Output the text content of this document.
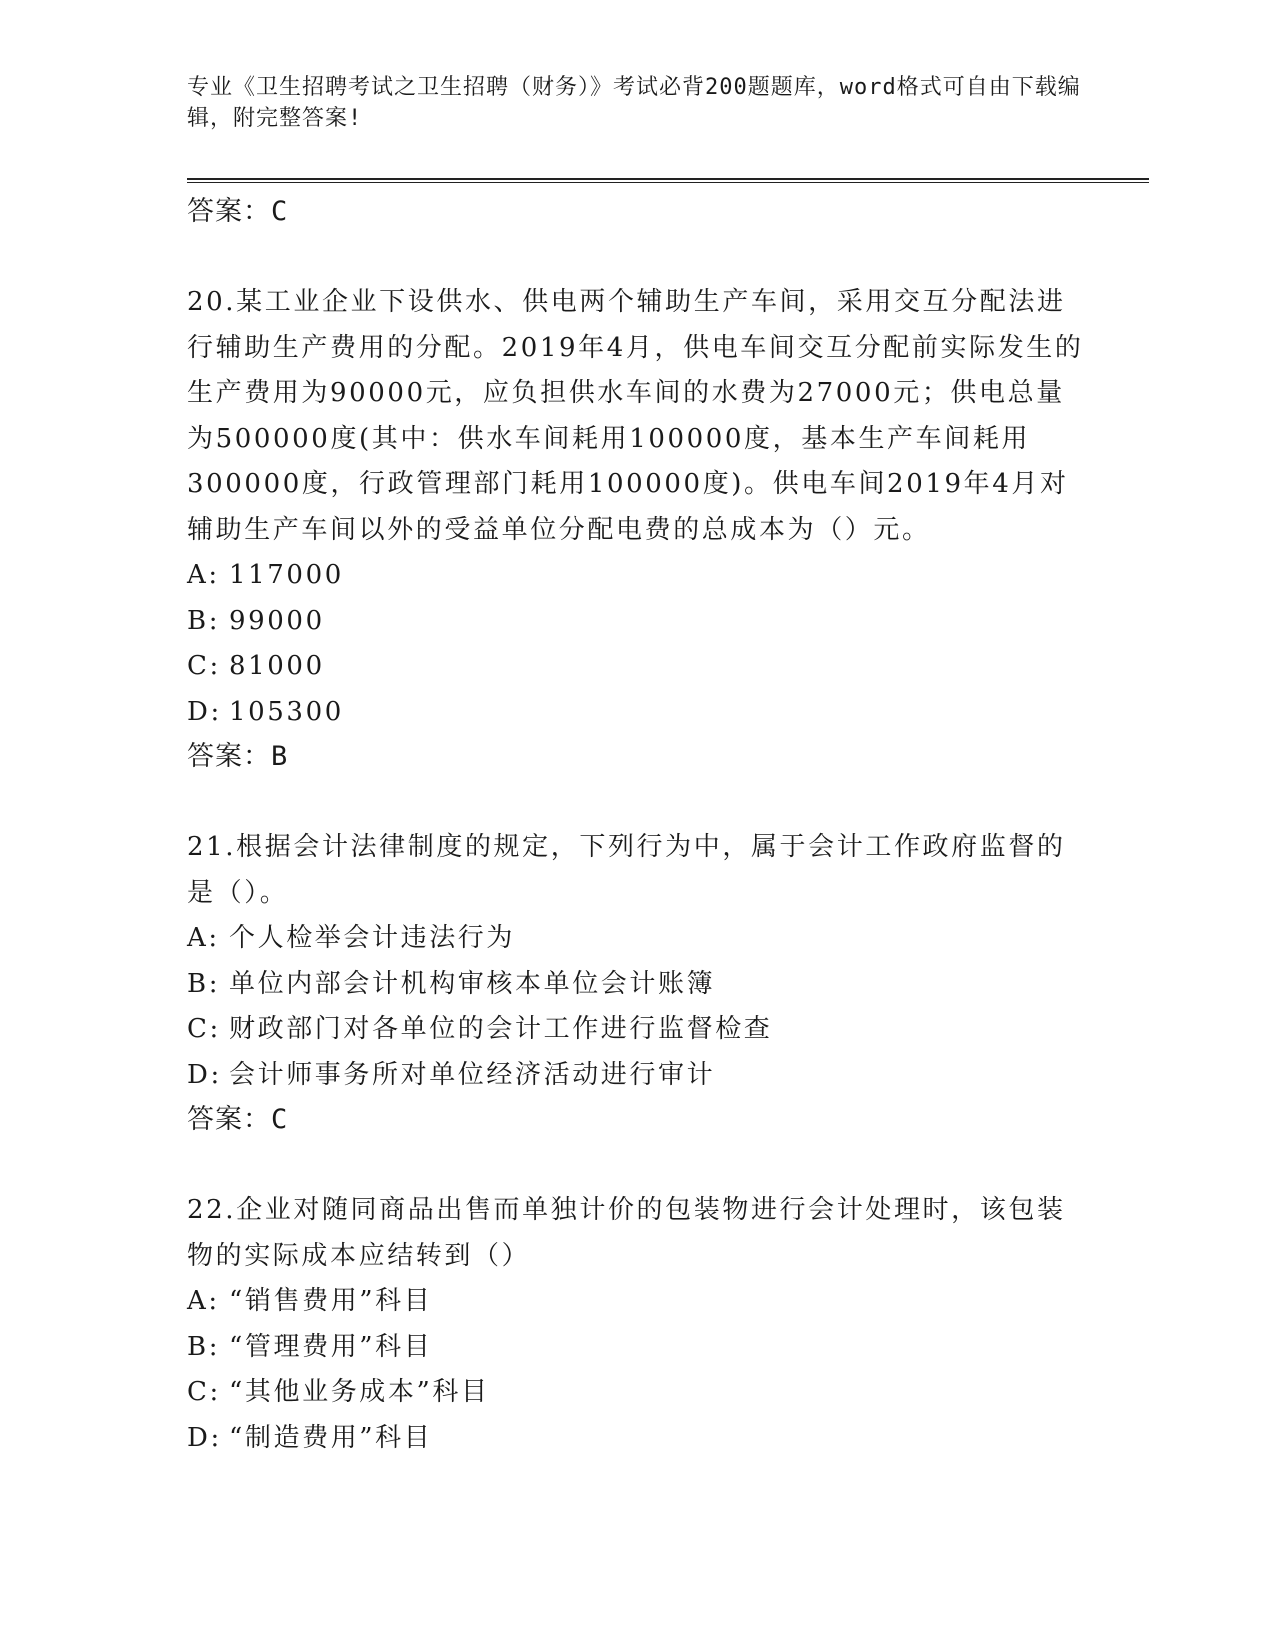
专业《卫生招聘考试之卫生招聘（财务）》考试必背200题题库，word格式可自由下载编辑，附完整答案!
答案：C
20.某工业企业下设供水、供电两个辅助生产车间，采用交互分配法进行辅助生产费用的分配。2019年4月，供电车间交互分配前实际发生的生产费用为90000元，应负担供水车间的水费为27000元；供电总量为500000度(其中：供水车间耗用100000度，基本生产车间耗用300000度，行政管理部门耗用100000度)。供电车间2019年4月对辅助生产车间以外的受益单位分配电费的总成本为（）元。
A: 117000
B: 99000
C: 81000
D: 105300
答案：B
21.根据会计法律制度的规定，下列行为中，属于会计工作政府监督的是（）。
A: 个人检举会计违法行为
B: 单位内部会计机构审核本单位会计账簿
C: 财政部门对各单位的会计工作进行监督检查
D: 会计师事务所对单位经济活动进行审计
答案：C
22.企业对随同商品出售而单独计价的包装物进行会计处理时，该包装物的实际成本应结转到（）
A: “销售费用”科目
B: “管理费用”科目
C: “其他业务成本”科目
D: “制造费用”科目
